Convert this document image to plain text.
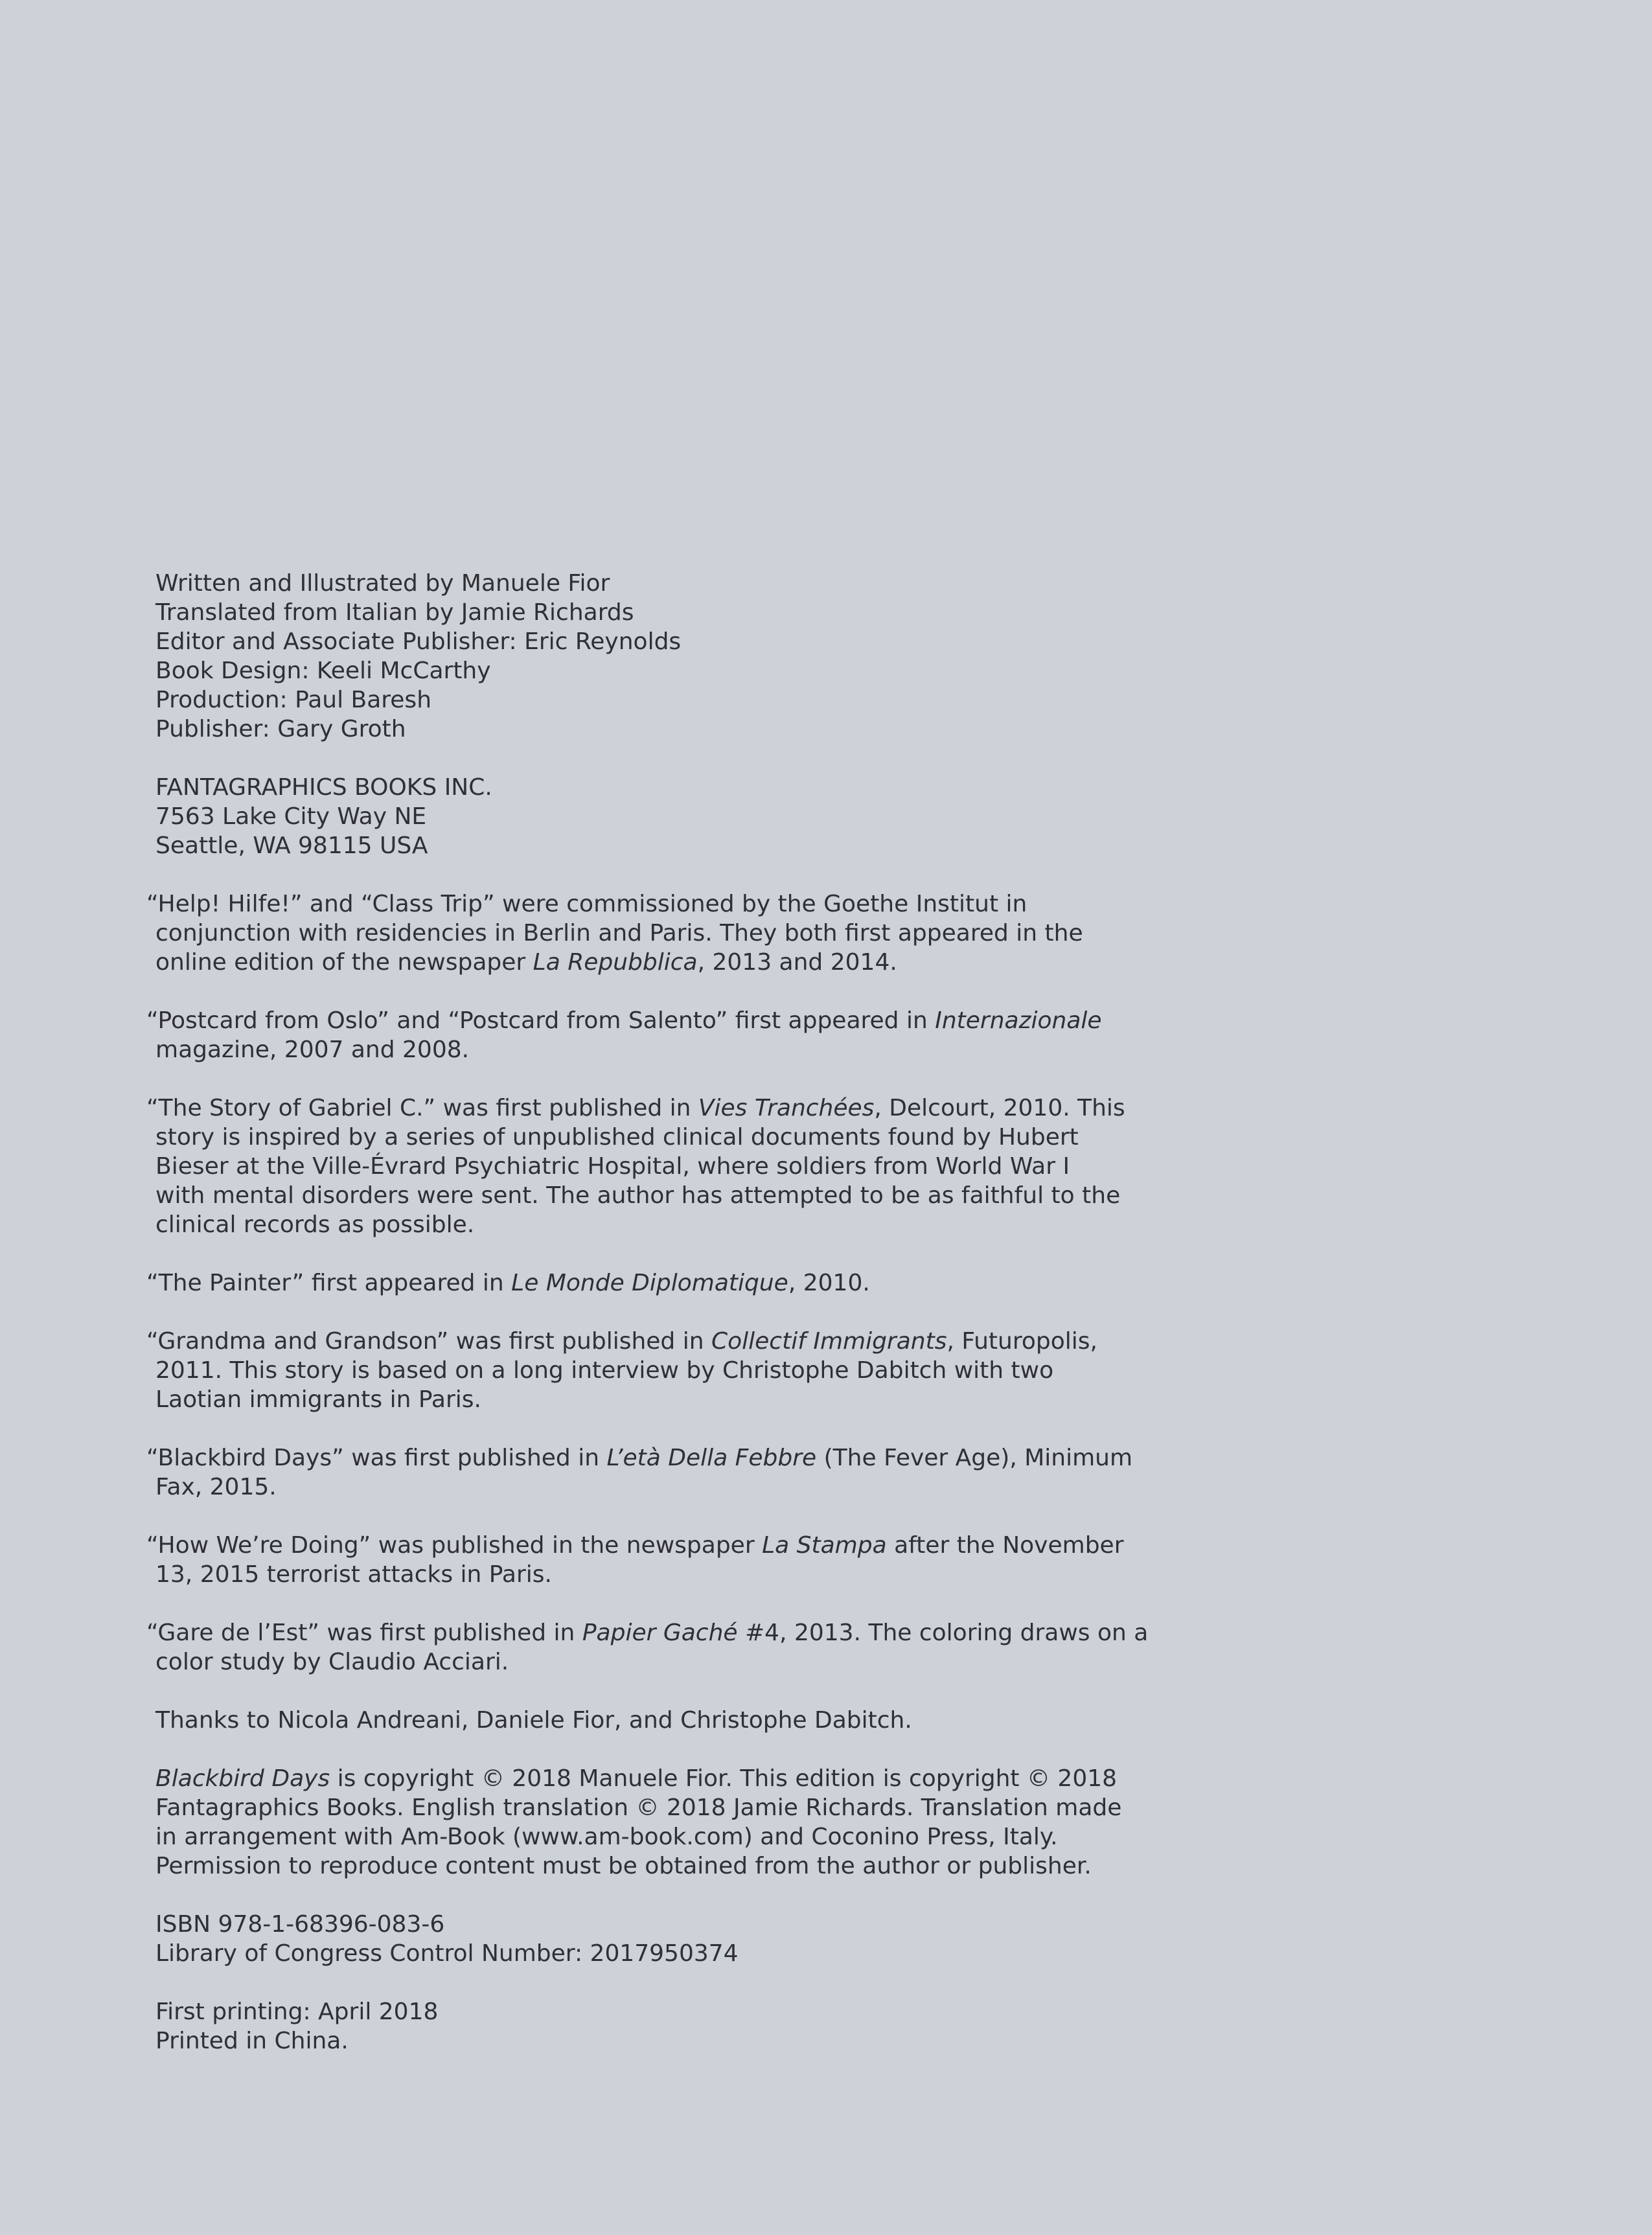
Written and Illustrated by Manuele Fior
Translated from Italian by Jamie Richards
Editor and Associate Publisher: Eric Reynolds
Book Design: Keeli McCarthy
Production: Paul Baresh
Publisher: Gary Groth
FANTAGRAPHICS BOOKS INC.
7563 Lake City Way NE
Seattle, WA 98115 USA
“Help! Hilfe!” and “Class Trip” were commissioned by the Goethe Institut in
conjunction with residencies in Berlin and Paris. They both first appeared in the
online edition of the newspaper La Repubblica, 2013 and 2014.
“Postcard from Oslo” and “Postcard from Salento” first appeared in Internazionale
magazine, 2007 and 2008.
“The Story of Gabriel C.” was first published in Vies Tranchées, Delcourt, 2010. This
story is inspired by a series of unpublished clinical documents found by Hubert
Bieser at the Ville-Évrard Psychiatric Hospital, where soldiers from World War I
with mental disorders were sent. The author has attempted to be as faithful to the
clinical records as possible.
“The Painter” first appeared in Le Monde Diplomatique, 2010.
“Grandma and Grandson” was first published in Collectif Immigrants, Futuropolis,
2011. This story is based on a long interview by Christophe Dabitch with two
Laotian immigrants in Paris.
“Blackbird Days” was first published in L’età Della Febbre (The Fever Age), Minimum
Fax, 2015.
“How We’re Doing” was published in the newspaper La Stampa after the November
13, 2015 terrorist attacks in Paris.
“Gare de l’Est” was first published in Papier Gaché #4, 2013. The coloring draws on a
color study by Claudio Acciari.
Thanks to Nicola Andreani, Daniele Fior, and Christophe Dabitch.
Blackbird Days is copyright © 2018 Manuele Fior. This edition is copyright © 2018
Fantagraphics Books. English translation © 2018 Jamie Richards. Translation made
in arrangement with Am-Book (www.am-book.com) and Coconino Press, Italy.
Permission to reproduce content must be obtained from the author or publisher.
ISBN 978-1-68396-083-6
Library of Congress Control Number: 2017950374
First printing: April 2018
Printed in China.
